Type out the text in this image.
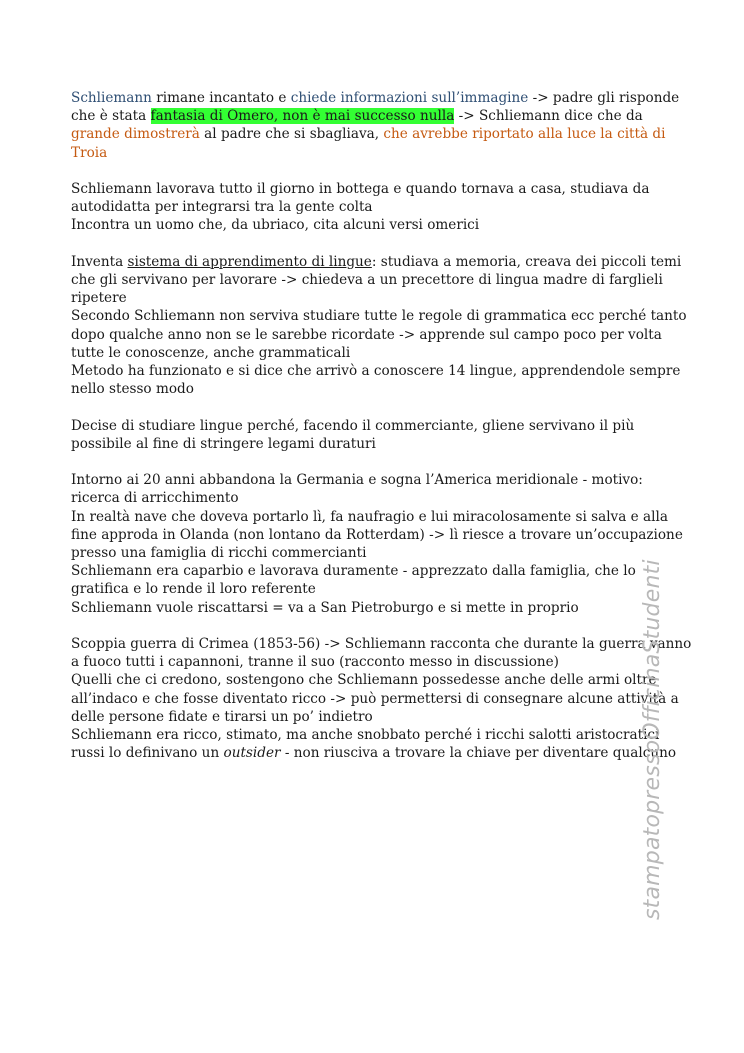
Schliemann rimane incantato e chiede informazioni sull’immagine -> padre gli risponde
che è stata fantasia di Omero, non è mai successo nulla -> Schliemann dice che da
grande dimostrerà al padre che si sbagliava, che avrebbe riportato alla luce la città di
Troia
Schliemann lavorava tutto il giorno in bottega e quando tornava a casa, studiava da
autodidatta per integrarsi tra la gente colta
Incontra un uomo che, da ubriaco, cita alcuni versi omerici
Inventa sistema di apprendimento di lingue: studiava a memoria, creava dei piccoli temi
che gli servivano per lavorare -> chiedeva a un precettore di lingua madre di farglieli
ripetere
Secondo Schliemann non serviva studiare tutte le regole di grammatica ecc perché tanto
dopo qualche anno non se le sarebbe ricordate -> apprende sul campo poco per volta
tutte le conoscenze, anche grammaticali
Metodo ha funzionato e si dice che arrivò a conoscere 14 lingue, apprendendole sempre
nello stesso modo
Decise di studiare lingue perché, facendo il commerciante, gliene servivano il più
possibile al fine di stringere legami duraturi
Intorno ai 20 anni abbandona la Germania e sogna l’America meridionale - motivo:
ricerca di arricchimento
In realtà nave che doveva portarlo lì, fa naufragio e lui miracolosamente si salva e alla
fine approda in Olanda (non lontano da Rotterdam) -> lì riesce a trovare un’occupazione
presso una famiglia di ricchi commercianti
Schliemann era caparbio e lavorava duramente - apprezzato dalla famiglia, che lo
gratifica e lo rende il loro referente
Schliemann vuole riscattarsi = va a San Pietroburgo e si mette in proprio
Scoppia guerra di Crimea (1853-56) -> Schliemann racconta che durante la guerra vanno
a fuoco tutti i capannoni, tranne il suo (racconto messo in discussione)
Quelli che ci credono, sostengono che Schliemann possedesse anche delle armi oltre
all’indaco e che fosse diventato ricco -> può permettersi di consegnare alcune attività a
delle persone fidate e tirarsi un po’ indietro
Schliemann era ricco, stimato, ma anche snobbato perché i ricchi salotti aristocratici
russi lo definivano un outsider - non riusciva a trovare la chiave per diventare qualcuno
stampatopressoOfficinaStudenti
